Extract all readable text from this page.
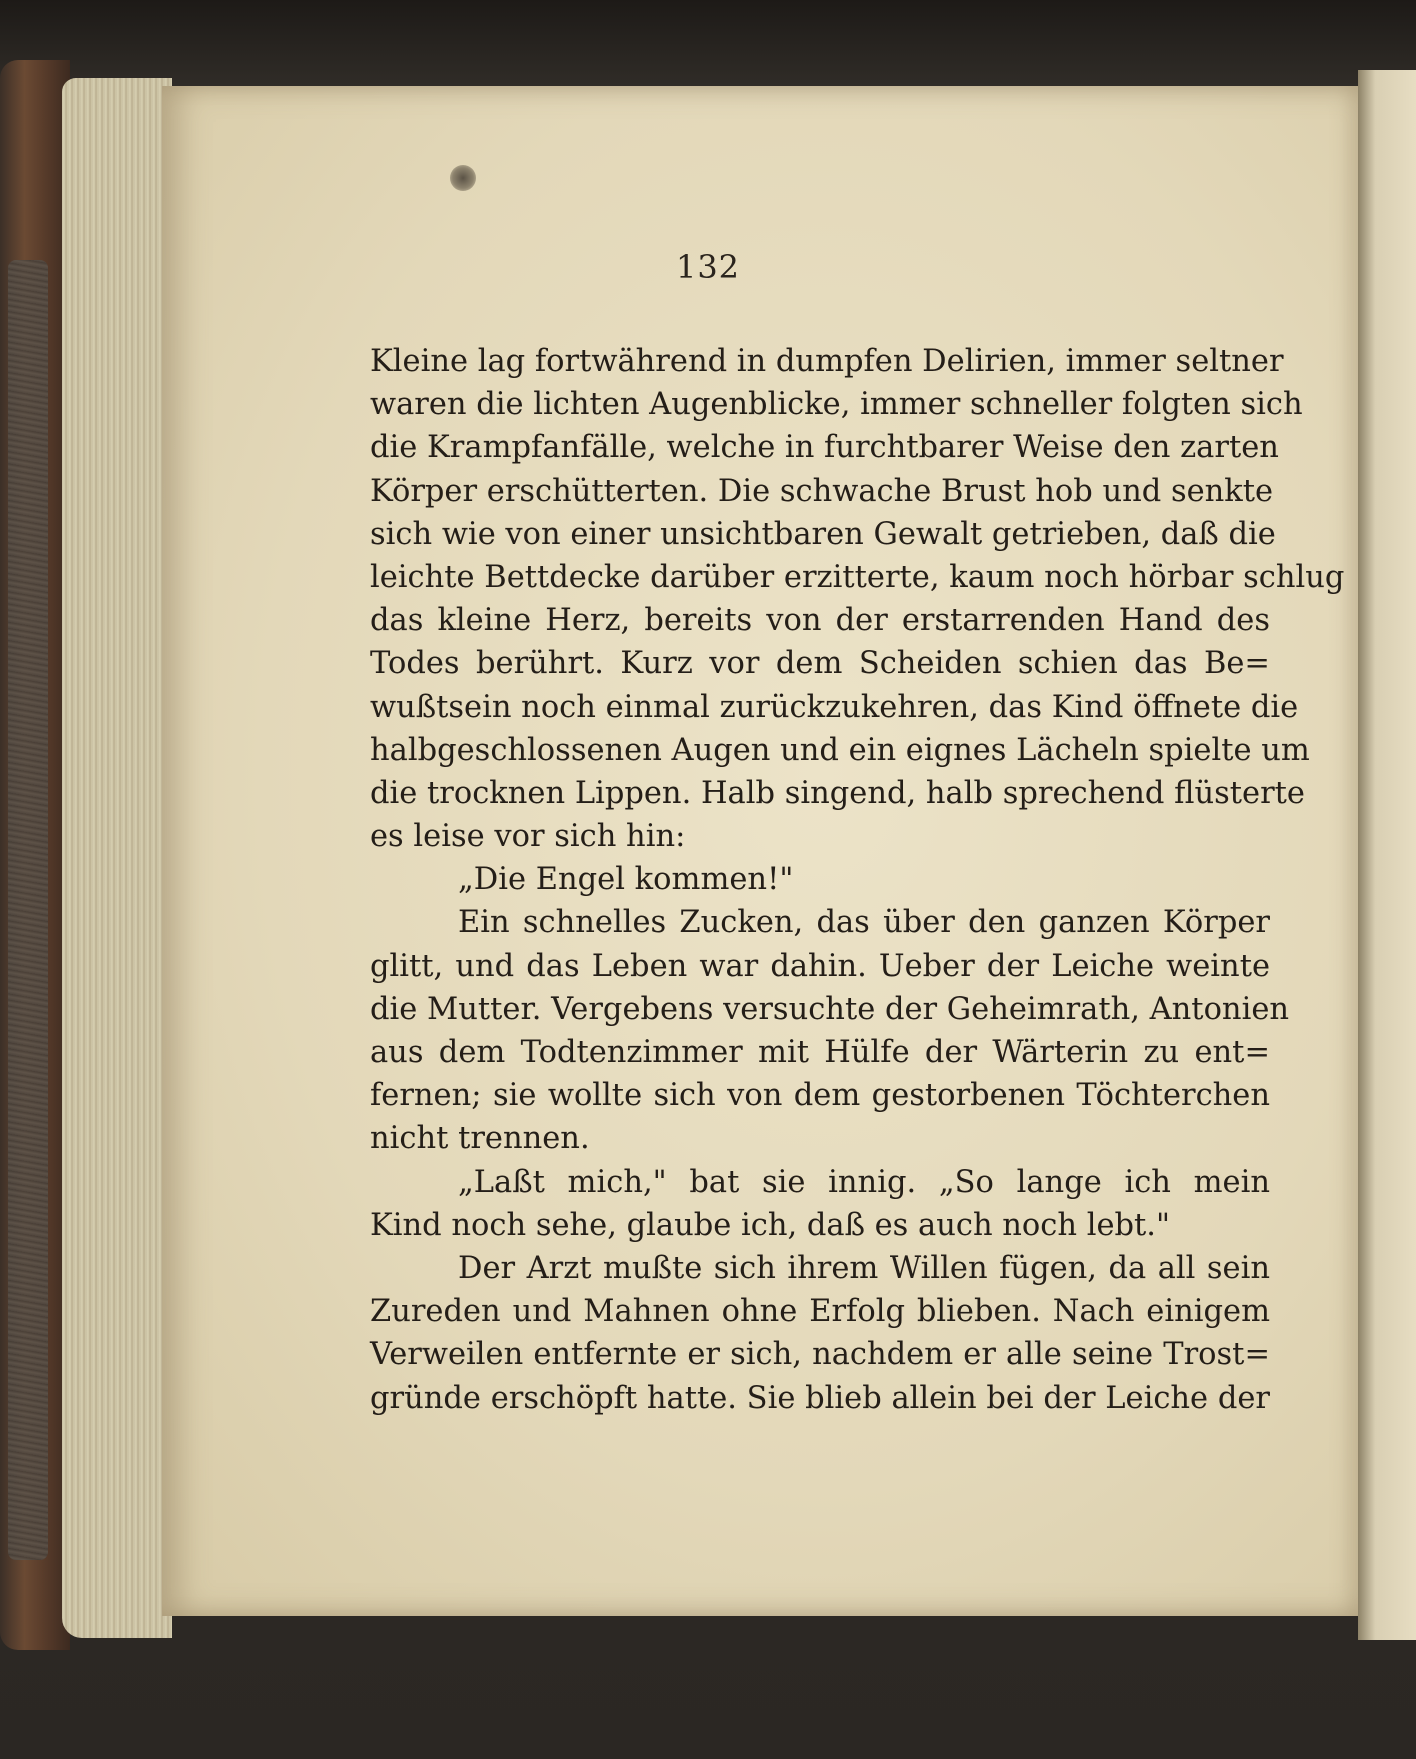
132
Kleine lag fortwährend in dumpfen Delirien, immer seltner
waren die lichten Augenblicke, immer schneller folgten sich
die Krampfanfälle, welche in furchtbarer Weise den zarten
Körper erschütterten. Die schwache Brust hob und senkte
sich wie von einer unsichtbaren Gewalt getrieben, daß die
leichte Bettdecke darüber erzitterte, kaum noch hörbar schlug
das kleine Herz, bereits von der erstarrenden Hand des
Todes berührt. Kurz vor dem Scheiden schien das Be=
wußtsein noch einmal zurückzukehren, das Kind öffnete die
halbgeschlossenen Augen und ein eignes Lächeln spielte um
die trocknen Lippen. Halb singend, halb sprechend flüsterte
es leise vor sich hin:
„Die Engel kommen!"
Ein schnelles Zucken, das über den ganzen Körper
glitt, und das Leben war dahin. Ueber der Leiche weinte
die Mutter. Vergebens versuchte der Geheimrath, Antonien
aus dem Todtenzimmer mit Hülfe der Wärterin zu ent=
fernen; sie wollte sich von dem gestorbenen Töchterchen
nicht trennen.
„Laßt mich," bat sie innig. „So lange ich mein
Kind noch sehe, glaube ich, daß es auch noch lebt."
Der Arzt mußte sich ihrem Willen fügen, da all sein
Zureden und Mahnen ohne Erfolg blieben. Nach einigem
Verweilen entfernte er sich, nachdem er alle seine Trost=
gründe erschöpft hatte. Sie blieb allein bei der Leiche der
